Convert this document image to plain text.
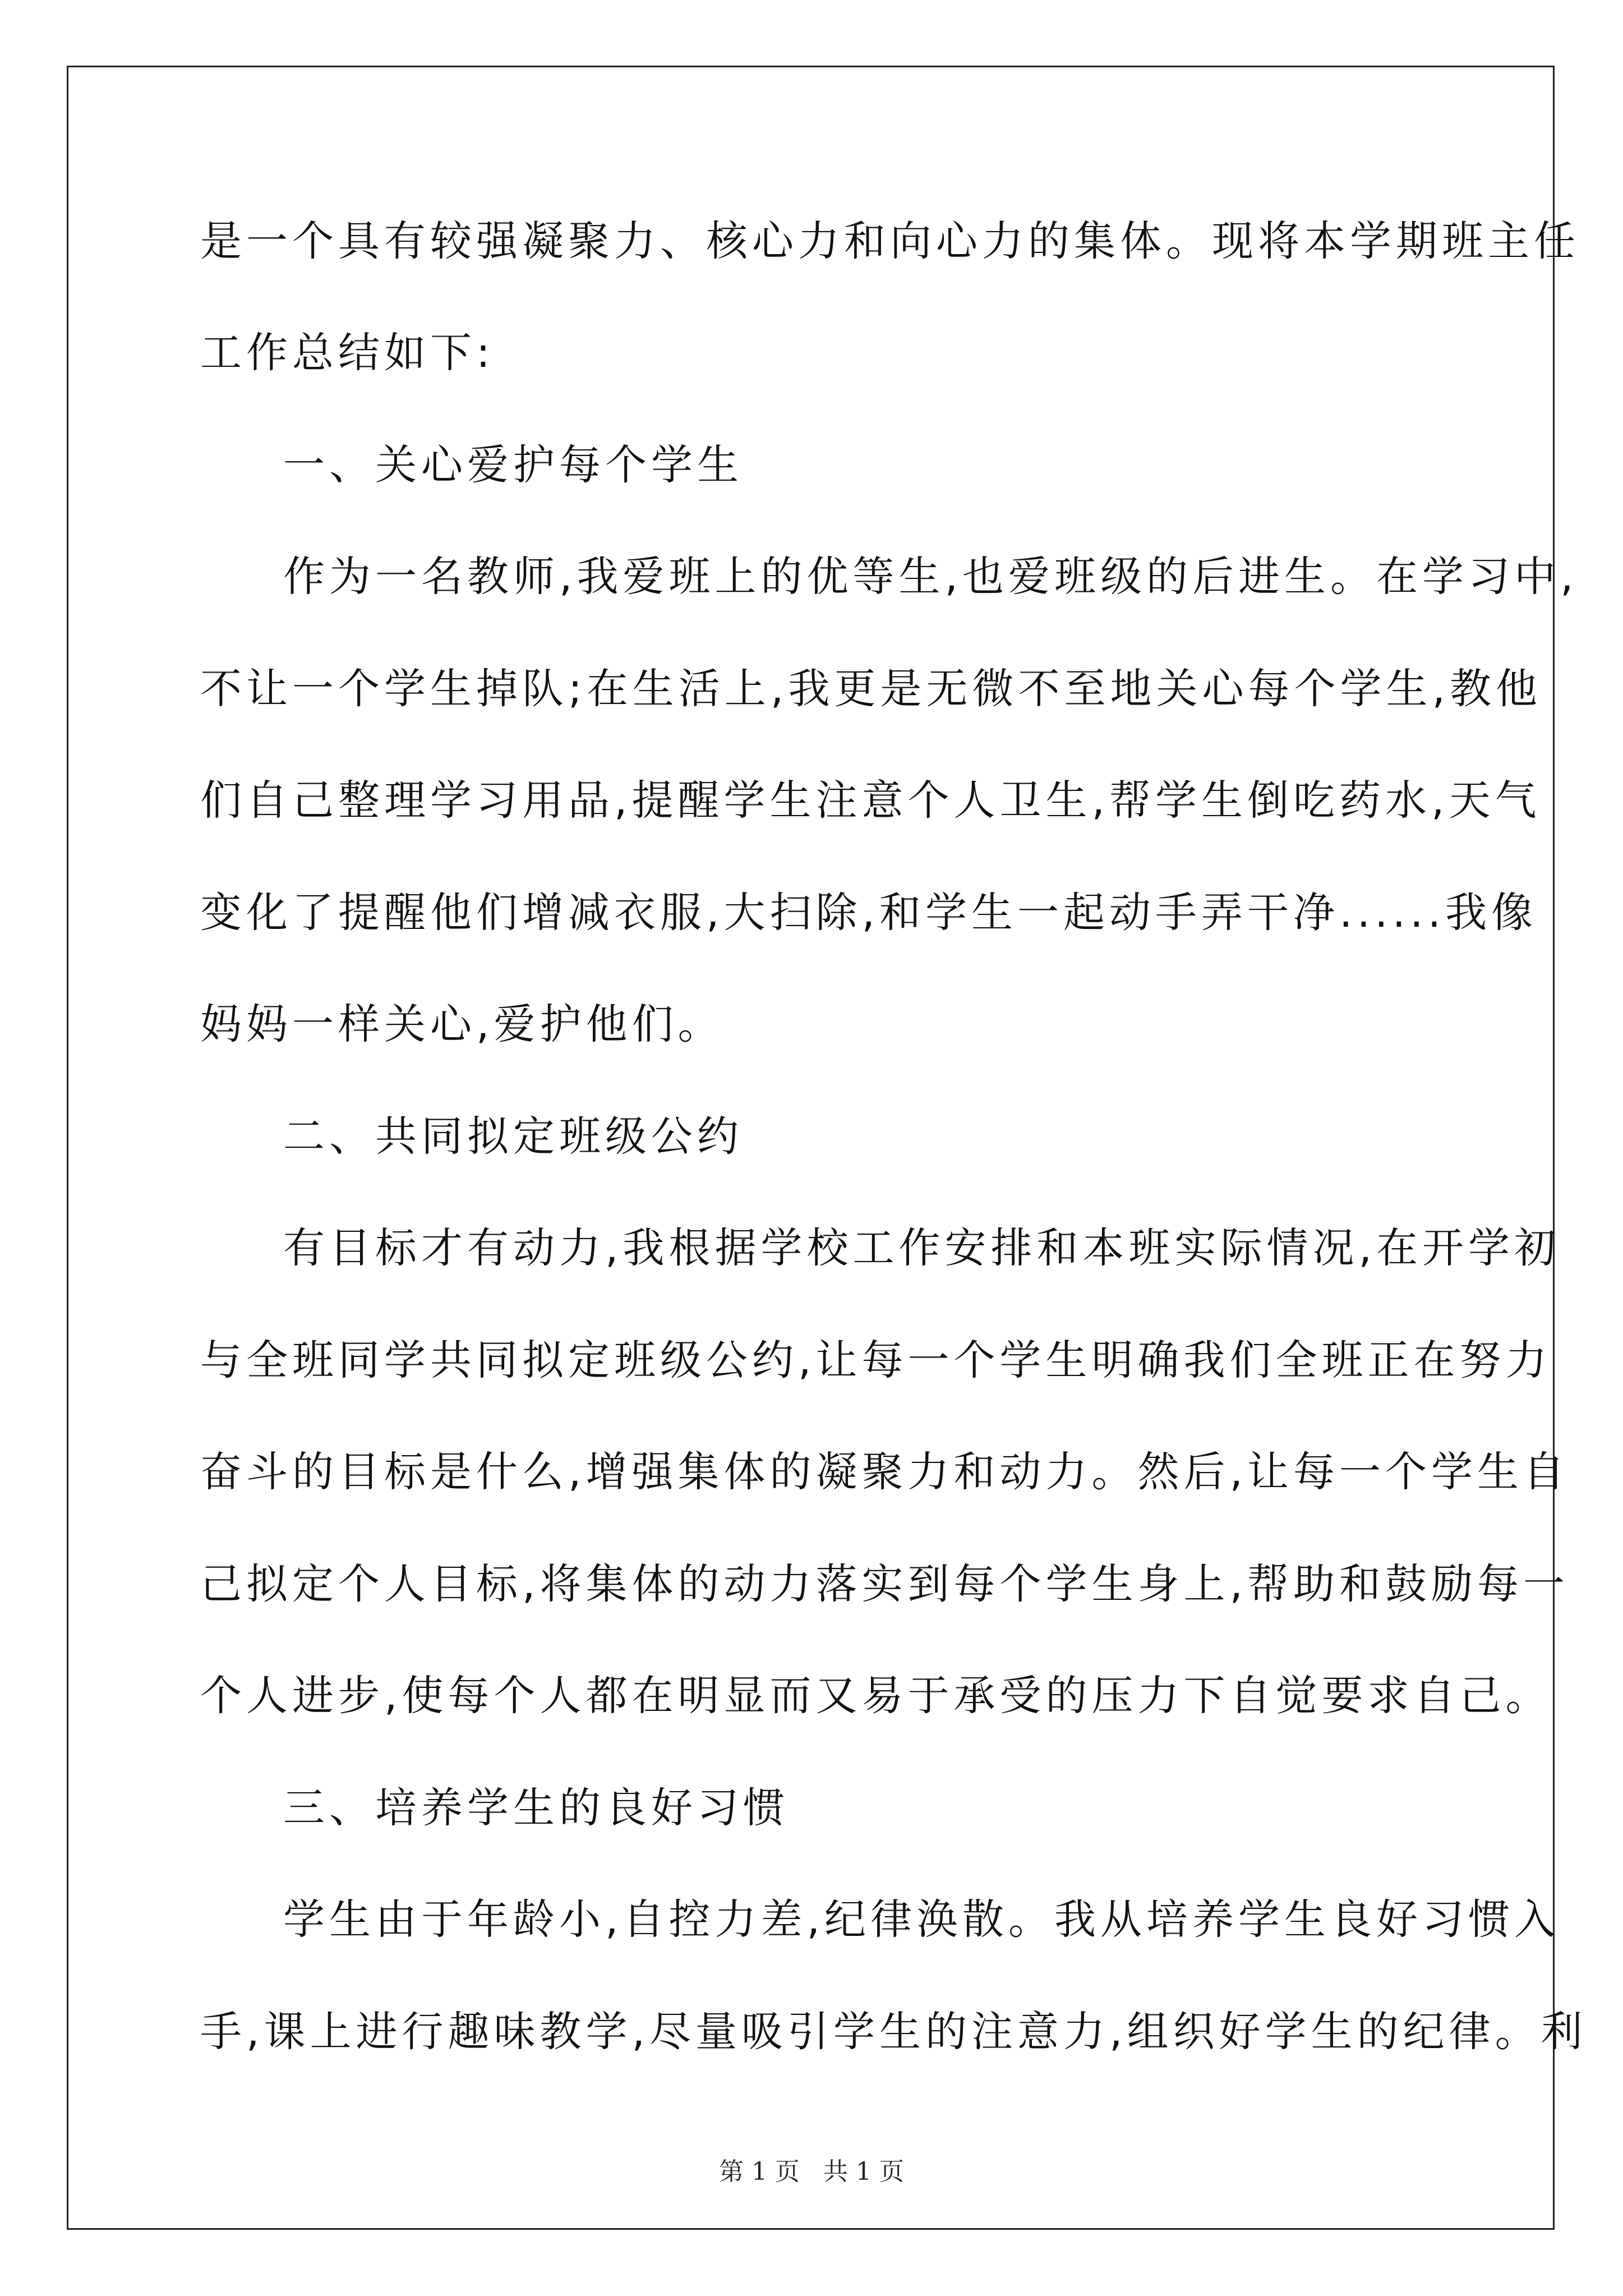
是一个具有较强凝聚力、核心力和向心力的集体。现将本学期班主任
工作总结如下:
一、关心爱护每个学生
作为一名教师,我爱班上的优等生,也爱班级的后进生。在学习中,
不让一个学生掉队;在生活上,我更是无微不至地关心每个学生,教他
们自己整理学习用品,提醒学生注意个人卫生,帮学生倒吃药水,天气
变化了提醒他们增减衣服,大扫除,和学生一起动手弄干净......我像
妈妈一样关心,爱护他们。
二、共同拟定班级公约
有目标才有动力,我根据学校工作安排和本班实际情况,在开学初
与全班同学共同拟定班级公约,让每一个学生明确我们全班正在努力
奋斗的目标是什么,增强集体的凝聚力和动力。然后,让每一个学生自
己拟定个人目标,将集体的动力落实到每个学生身上,帮助和鼓励每一
个人进步,使每个人都在明显而又易于承受的压力下自觉要求自己。
三、培养学生的良好习惯
学生由于年龄小,自控力差,纪律涣散。我从培养学生良好习惯入
手,课上进行趣味教学,尽量吸引学生的注意力,组织好学生的纪律。利
第 1 页   共 1 页
